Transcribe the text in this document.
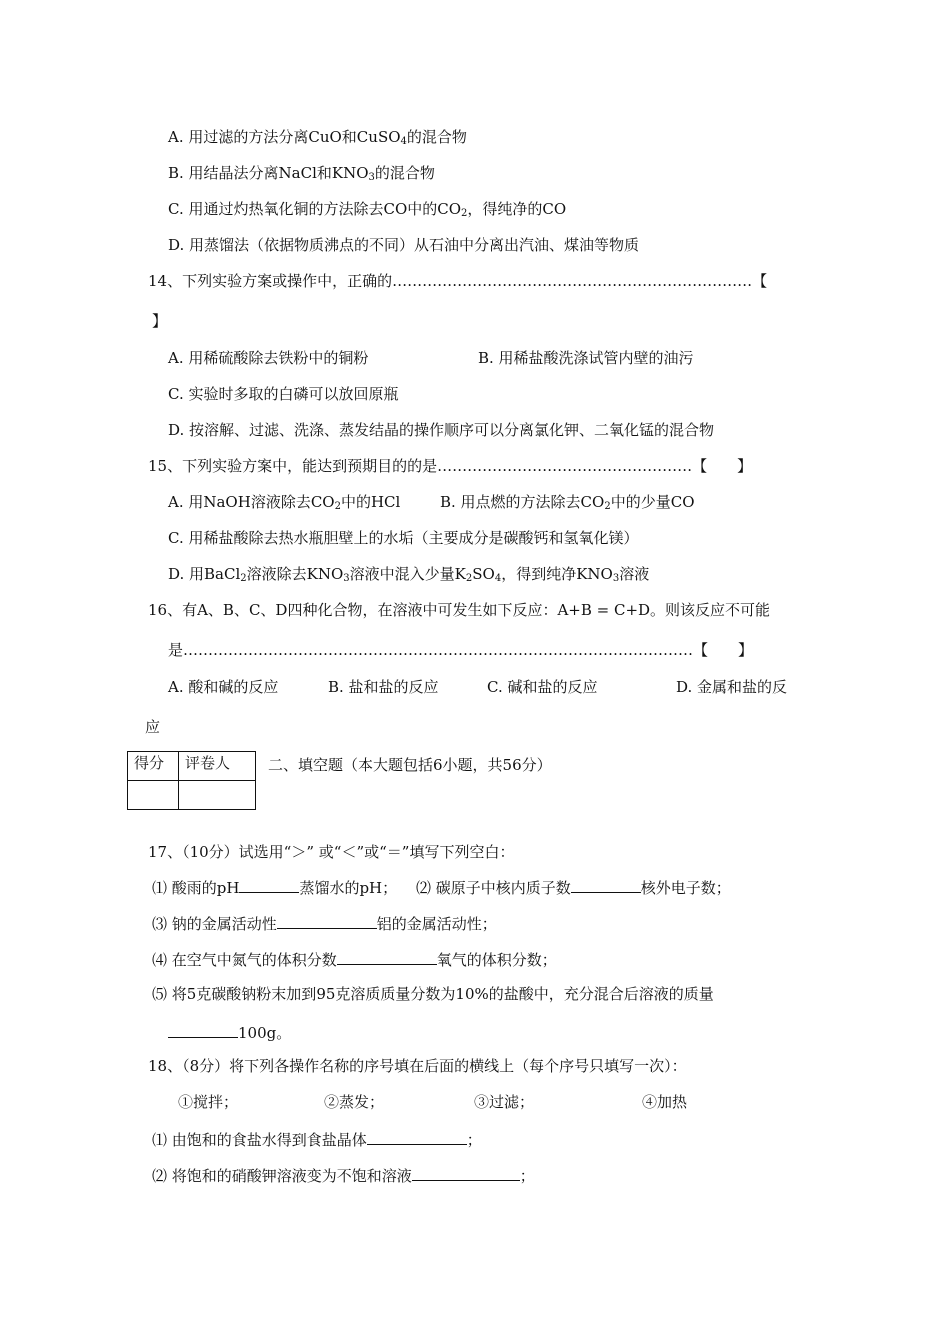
A. 用过滤的方法分离CuO和CuSO$_4$的混合物
B. 用结晶法分离NaCl和$KNO_3$的混合物
C. 用通过灼热氧化铜的方法除去CO中的$CO_2$，得纯净的CO
D. 用蒸馏法（依据物质沸点的不同）从石油中分离出汽油、煤油等物质
14、下列实验方案或操作中，正确的………………………………………………………………【
】
A. 用稀硫酸除去铁粉中的铜粉	B. 用稀盐酸洗涤试管内壁的油污
C. 实验时多取的白磷可以放回原瓶
D. 按溶解、过滤、洗涤、蒸发结晶的操作顺序可以分离氯化钾、二氧化锰的混合物
15、下列实验方案中，能达到预期目的的是……………………………………………【　　】
A. 用NaOH溶液除去$CO_2$中的HCl	B. 用点燃的方法除去$CO_2$中的少量CO
C. 用稀盐酸除去热水瓶胆壁上的水垢（主要成分是碳酸钙和氢氧化镁）
D. 用BaCl$_2$溶液除去$KNO_3$溶液中混入少量$K_2SO_4$，得到纯净$KNO_3$溶液
16、有A、B、C、D四种化合物，在溶液中可发生如下反应：A+B = C+D。则该反应不可能
是…………………………………………………………………………………………【　　】
A. 酸和碱的反应	B. 盐和盐的反应	C. 碱和盐的反应	D. 金属和盐的反
应
得分	评卷人
		二、填空题（本大题包括6小题，共56分）
17、（10分）试选用“＞” 或“＜”或“＝”填写下列空白：
⑴ 酸雨的pH	蒸馏水的pH； ⑵ 碳原子中核内质子数	核外电子数；
⑶ 钠的金属活动性	铝的金属活动性；
⑷ 在空气中氮气的体积分数	氧气的体积分数；
⑸ 将5克碳酸钠粉末加到95克溶质质量分数为10%的盐酸中，充分混合后溶液的质量
100g。
18、（8分）将下列各操作名称的序号填在后面的横线上（每个序号只填写一次）：
①搅拌；	②蒸发；	③过滤；	④加热
⑴ 由饱和的食盐水得到食盐晶体	；
⑵ 将饱和的硝酸钾溶液变为不饱和溶液	；
